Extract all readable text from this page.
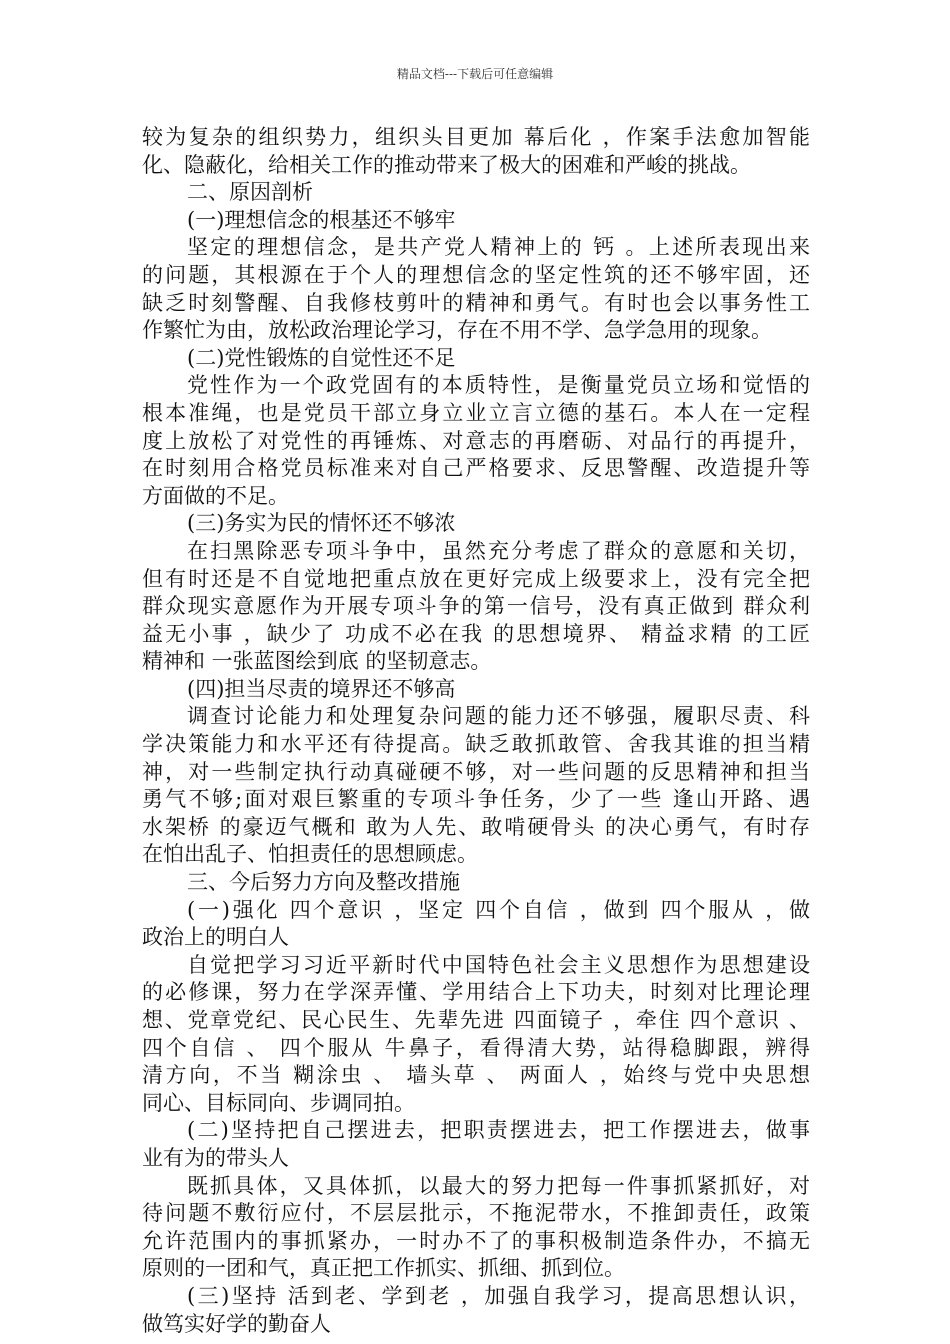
精品文档---下载后可任意编辑
较为复杂的组织势力，组织头目更加 幕后化 ，作案手法愈加智能
化、隐蔽化，给相关工作的推动带来了极大的困难和严峻的挑战。
二、原因剖析
(一)理想信念的根基还不够牢
坚定的理想信念，是共产党人精神上的 钙 。上述所表现出来
的问题，其根源在于个人的理想信念的坚定性筑的还不够牢固，还
缺乏时刻警醒、自我修枝剪叶的精神和勇气。有时也会以事务性工
作繁忙为由，放松政治理论学习，存在不用不学、急学急用的现象。
(二)党性锻炼的自觉性还不足
党性作为一个政党固有的本质特性，是衡量党员立场和觉悟的
根本准绳，也是党员干部立身立业立言立德的基石。本人在一定程
度上放松了对党性的再锤炼、对意志的再磨砺、对品行的再提升，
在时刻用合格党员标准来对自己严格要求、反思警醒、改造提升等
方面做的不足。
(三)务实为民的情怀还不够浓
在扫黑除恶专项斗争中，虽然充分考虑了群众的意愿和关切，
但有时还是不自觉地把重点放在更好完成上级要求上，没有完全把
群众现实意愿作为开展专项斗争的第一信号，没有真正做到 群众利
益无小事 ，缺少了 功成不必在我 的思想境界、 精益求精 的工匠
精神和 一张蓝图绘到底 的坚韧意志。
(四)担当尽责的境界还不够高
调查讨论能力和处理复杂问题的能力还不够强，履职尽责、科
学决策能力和水平还有待提高。缺乏敢抓敢管、舍我其谁的担当精
神，对一些制定执行动真碰硬不够，对一些问题的反思精神和担当
勇气不够;面对艰巨繁重的专项斗争任务，少了一些 逢山开路、遇
水架桥 的豪迈气概和 敢为人先、敢啃硬骨头 的决心勇气，有时存
在怕出乱子、怕担责任的思想顾虑。
三、今后努力方向及整改措施
(一)强化 四个意识 ，坚定 四个自信 ，做到 四个服从 ，做
政治上的明白人
自觉把学习习近平新时代中国特色社会主义思想作为思想建设
的必修课，努力在学深弄懂、学用结合上下功夫，时刻对比理论理
想、党章党纪、民心民生、先辈先进 四面镜子 ，牵住 四个意识 、
四个自信 、 四个服从 牛鼻子，看得清大势，站得稳脚跟，辨得
清方向，不当 糊涂虫 、 墙头草 、 两面人 ，始终与党中央思想
同心、目标同向、步调同拍。
(二)坚持把自己摆进去，把职责摆进去，把工作摆进去，做事
业有为的带头人
既抓具体，又具体抓，以最大的努力把每一件事抓紧抓好，对
待问题不敷衍应付，不层层批示，不拖泥带水，不推卸责任，政策
允许范围内的事抓紧办，一时办不了的事积极制造条件办，不搞无
原则的一团和气，真正把工作抓实、抓细、抓到位。
(三)坚持 活到老、学到老 ，加强自我学习，提高思想认识，
做笃实好学的勤奋人
